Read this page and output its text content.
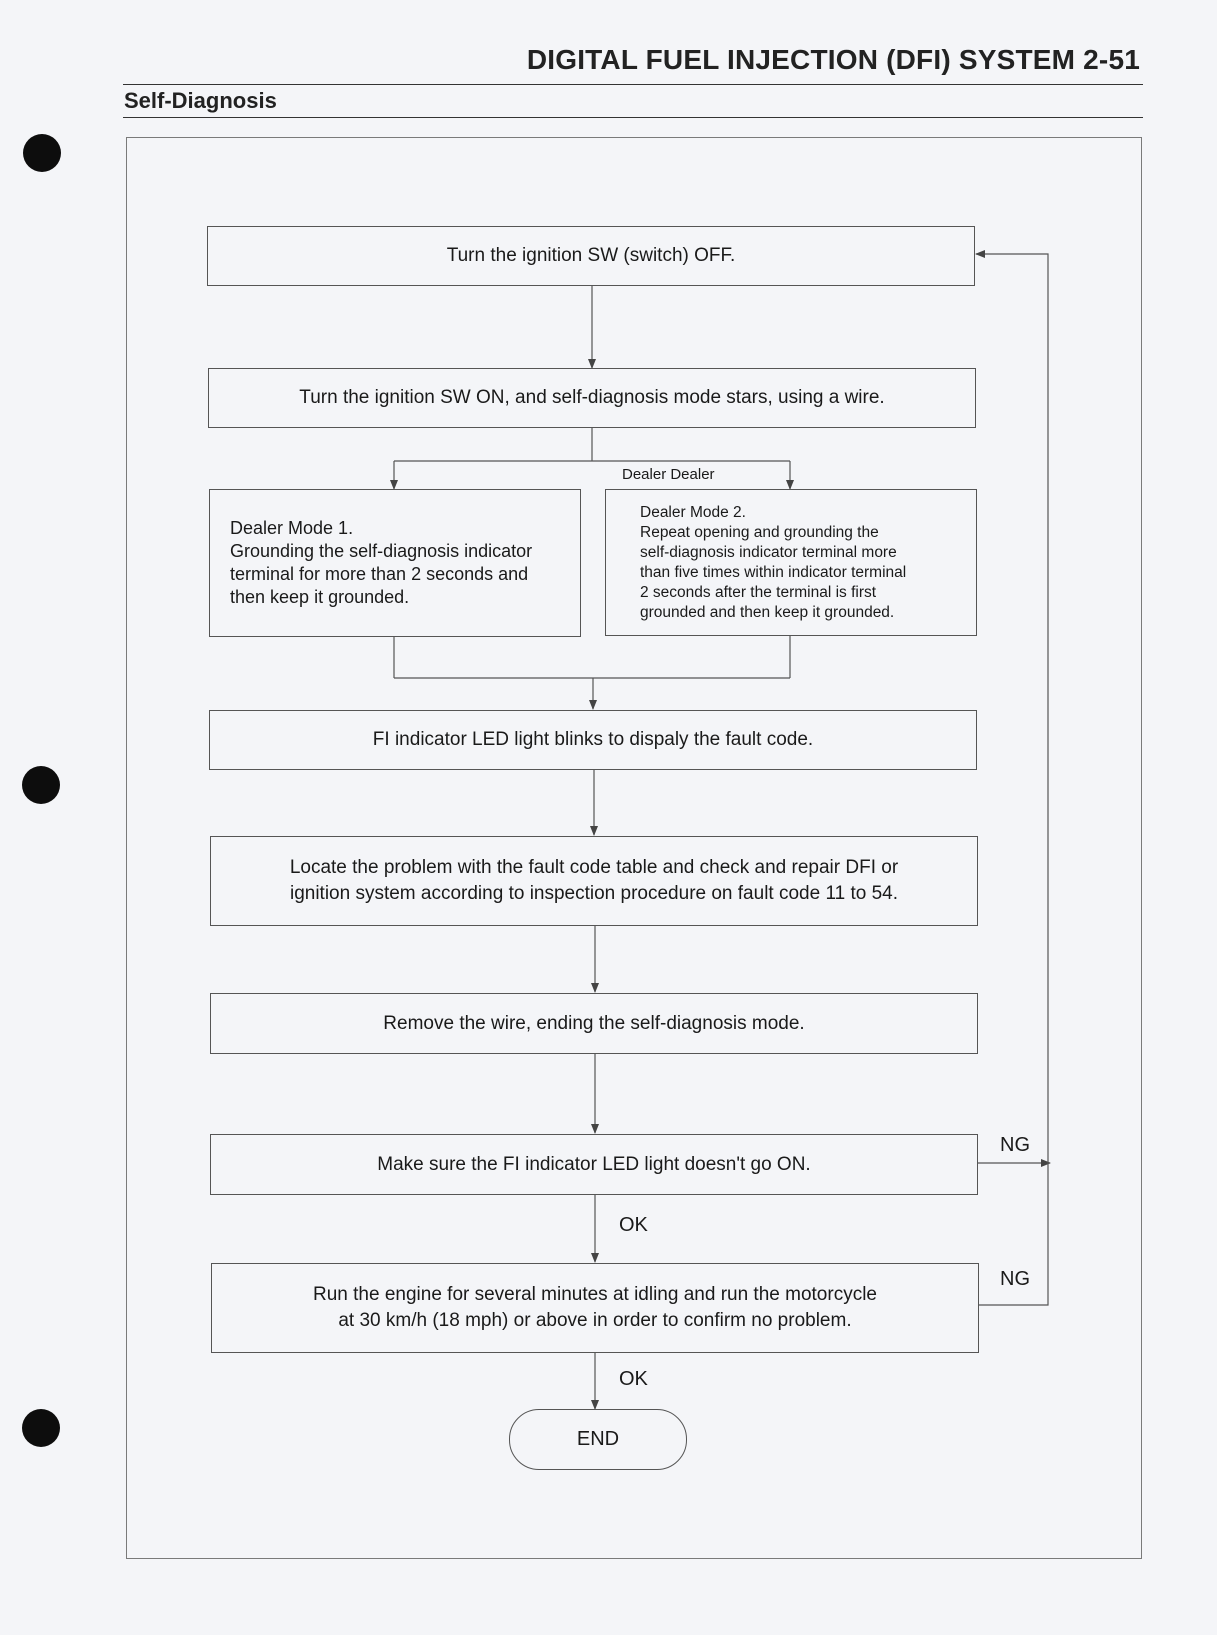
DIGITAL FUEL INJECTION (DFI) SYSTEM 2-51
Self-Diagnosis
Turn the ignition SW (switch) OFF.
Turn the ignition SW ON, and self-diagnosis mode stars, using a wire.
Dealer Dealer
Dealer Mode 1.
Grounding the self-diagnosis indicator
terminal for more than 2 seconds and
then keep it grounded.
Dealer Mode 2.
Repeat opening and grounding the
self-diagnosis indicator terminal more
than five times within indicator terminal
2 seconds after the terminal is first
grounded and then keep it grounded.
FI indicator LED light blinks to dispaly the fault code.
Locate the problem with the fault code table and check and repair DFI or
ignition system according to inspection procedure on fault code 11 to 54.
Remove the wire, ending the self-diagnosis mode.
Make sure the FI indicator LED light doesn't go ON.
Run the engine for several minutes at idling and run the motorcycle
at 30 km/h (18 mph) or above in order to confirm no problem.
END
NG
NG
OK
OK
